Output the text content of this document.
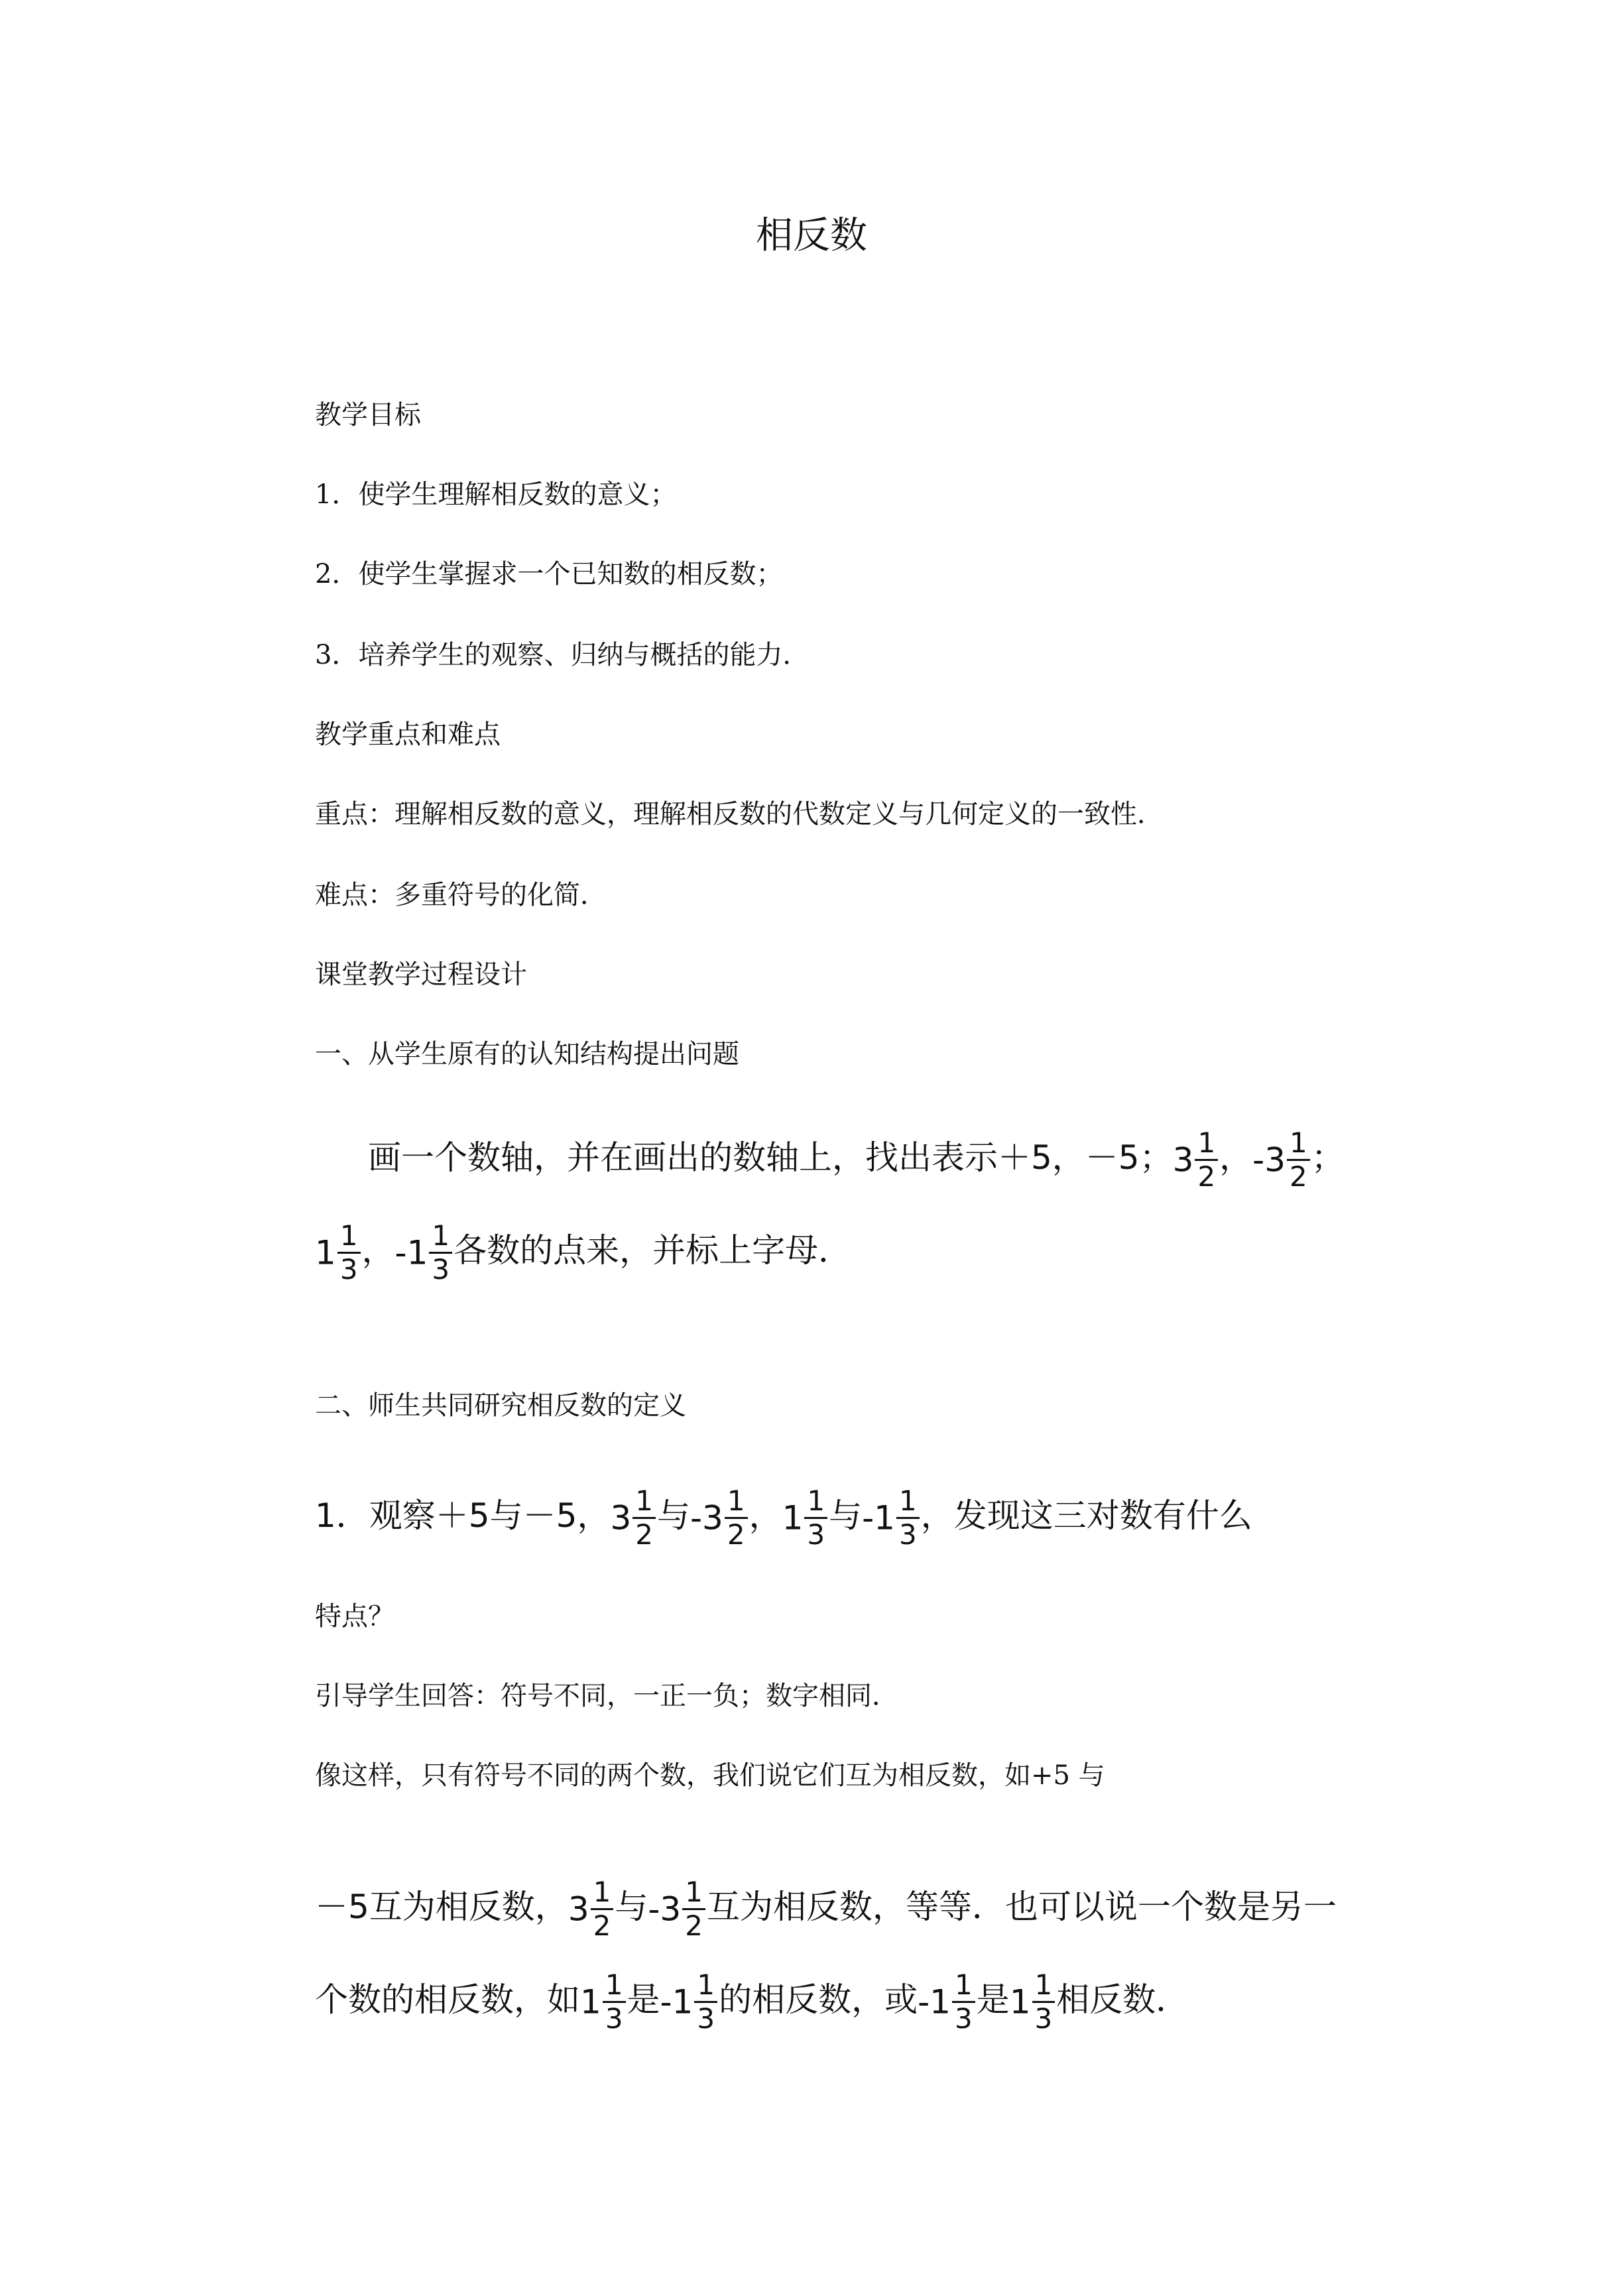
相反数
教学目标
1．使学生理解相反数的意义；
2．使学生掌握求一个已知数的相反数；
3．培养学生的观察、归纳与概括的能力．
教学重点和难点
重点：理解相反数的意义，理解相反数的代数定义与几何定义的一致性．
难点：多重符号的化简．
课堂教学过程设计
一、从学生原有的认知结构提出问题
画一个数轴，并在画出的数轴上，找出表示＋5，－5；$3 \frac{1}{2}$ ，$-3 \frac{1}{2}$ ；
$1 \frac{1}{3}$ ，$-1 \frac{1}{3}$ 各数的点来，并标上字母．
二、师生共同研究相反数的定义
1．观察＋5与－5，$3 \frac{1}{2}$ 与$-3 \frac{1}{2}$ ，$1 \frac{1}{3}$ 与$-1 \frac{1}{3}$ ，发现这三对数有什么
特点？
引导学生回答：符号不同，一正一负；数字相同．
像这样，只有符号不同的两个数，我们说它们互为相反数，如+5 与
－5互为相反数，$3 \frac{1}{2}$ 与$-3 \frac{1}{2}$ 互为相反数，等等．也可以说一个数是另一
个数的相反数，如$1 \frac{1}{3}$ 是$-1 \frac{1}{3}$ 的相反数，或$-1 \frac{1}{3}$ 是$1 \frac{1}{3}$ 相反数．
